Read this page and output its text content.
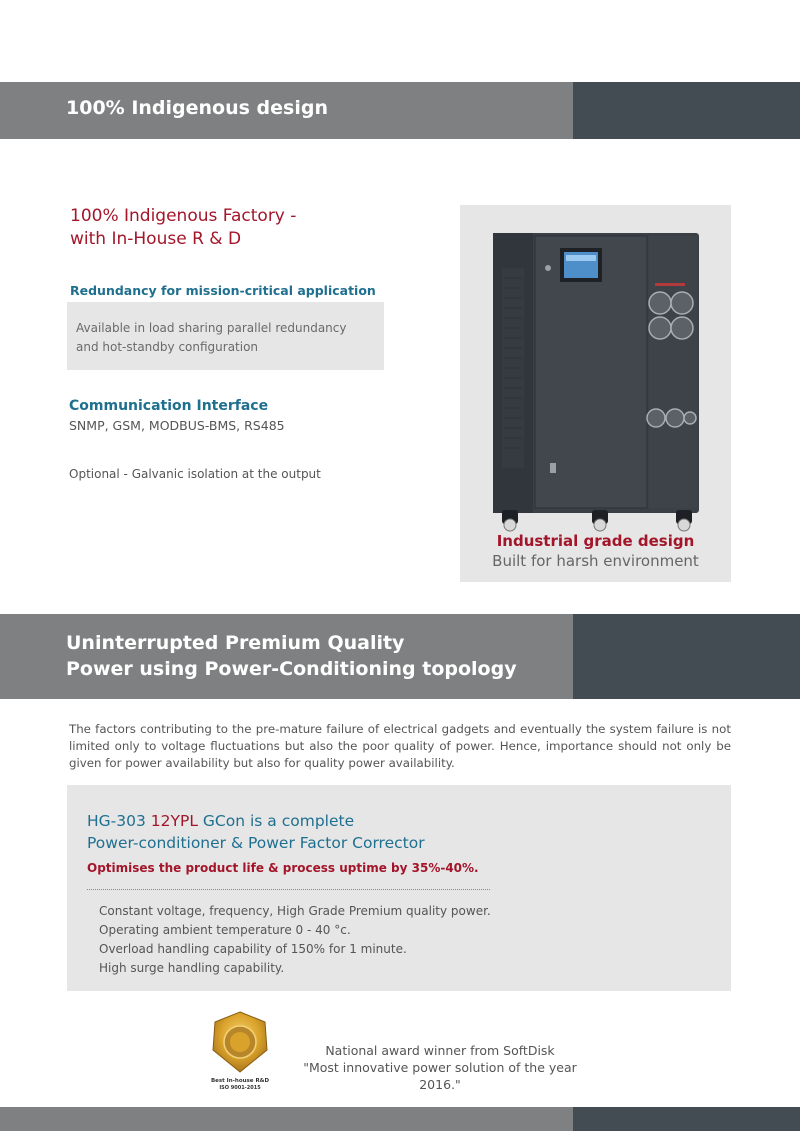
100% Indigenous design
100% Indigenous Factory -
with In-House R & D
Redundancy for mission-critical application
Available in load sharing parallel redundancy
and hot-standby configuration
Communication Interface
SNMP, GSM, MODBUS-BMS, RS485
Optional - Galvanic isolation at the output
Industrial grade design
Built for harsh environment
Uninterrupted Premium Quality
Power using Power-Conditioning topology

The factors contributing to the pre-mature failure of electrical gadgets and eventually the system failure is not limited only to voltage fluctuations but also the poor quality of power. Hence, importance should not only be given for power availability but also for quality power availability.

HG-303 12YPL GCon is a complete
Power-conditioner & Power Factor Corrector
Optimises the product life & process uptime by 35%-40%.
Constant voltage, frequency, High Grade Premium quality power.
Operating ambient temperature 0 - 40 °c.
Overload handling capability of 150% for 1 minute.
High surge handling capability.
Best In-house R&D
ISO 9001-2015
National award winner from SoftDisk
"Most innovative power solution of the year 2016."
